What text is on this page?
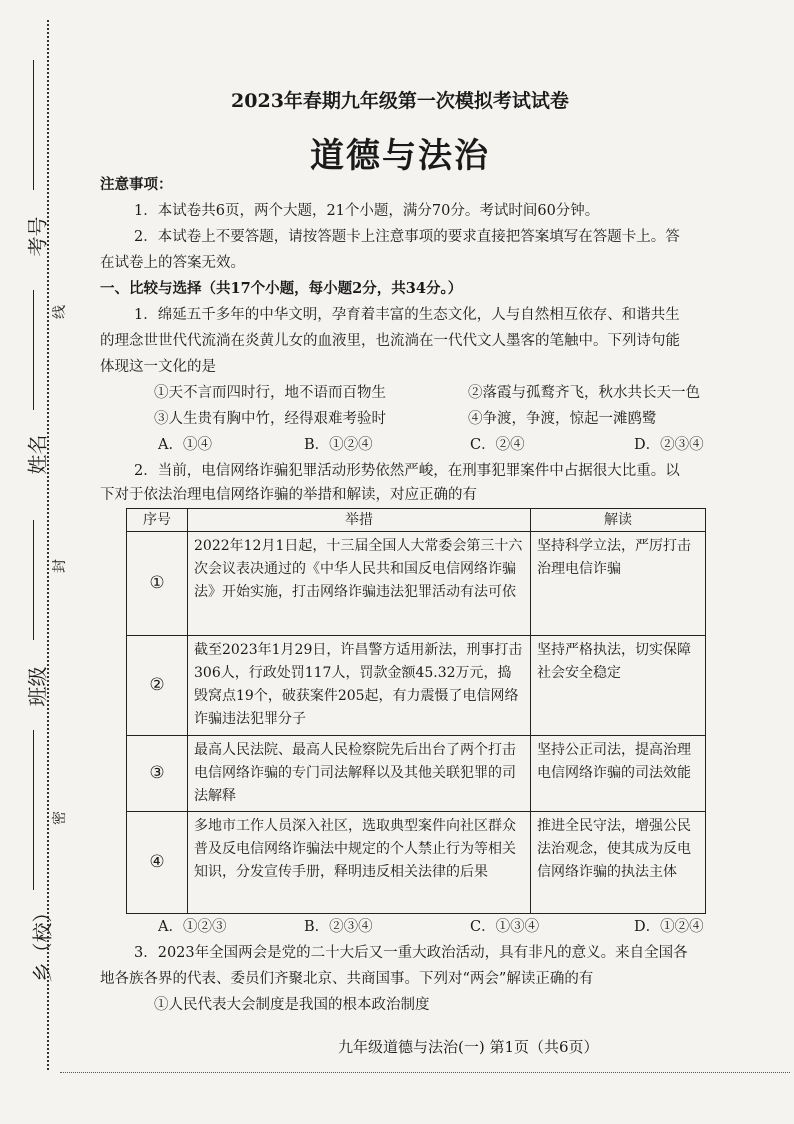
考号
姓名
班级
乡（校）
线
封
密
2023年春期九年级第一次模拟考试试卷
道德与法治
注意事项：
1．本试卷共6页，两个大题，21个小题，满分70分。考试时间60分钟。
2．本试卷上不要答题，请按答题卡上注意事项的要求直接把答案填写在答题卡上。答
在试卷上的答案无效。
一、比较与选择（共17个小题，每小题2分，共34分。）
1．绵延五千多年的中华文明，孕育着丰富的生态文化，人与自然相互依存、和谐共生
的理念世世代代流淌在炎黄儿女的血液里，也流淌在一代代文人墨客的笔触中。下列诗句能
体现这一文化的是
①天不言而四时行，地不语而百物生	②落霞与孤鹜齐飞，秋水共长天一色
③人生贵有胸中竹，经得艰难考验时	④争渡，争渡，惊起一滩鸥鹭
A．①④	B．①②④	C．②④	D．②③④
2．当前，电信网络诈骗犯罪活动形势依然严峻，在刑事犯罪案件中占据很大比重。以
下对于依法治理电信网络诈骗的举措和解读，对应正确的有
序号	举措	解读
①	2022年12月1日起，十三届全国人大常委会第三十六次会议表决通过的《中华人民共和国反电信网络诈骗法》开始实施，打击网络诈骗违法犯罪活动有法可依	坚持科学立法，严厉打击治理电信诈骗
②	截至2023年1月29日，许昌警方适用新法，刑事打击306人，行政处罚117人，罚款金额45.32万元，捣毁窝点19个，破获案件205起，有力震慑了电信网络诈骗违法犯罪分子	坚持严格执法，切实保障社会安全稳定
③	最高人民法院、最高人民检察院先后出台了两个打击电信网络诈骗的专门司法解释以及其他关联犯罪的司法解释	坚持公正司法，提高治理电信网络诈骗的司法效能
④	多地市工作人员深入社区，选取典型案件向社区群众普及反电信网络诈骗法中规定的个人禁止行为等相关知识，分发宣传手册，释明违反相关法律的后果	推进全民守法，增强公民法治观念，使其成为反电信网络诈骗的执法主体
A．①②③	B．②③④	C．①③④	D．①②④
3．2023年全国两会是党的二十大后又一重大政治活动，具有非凡的意义。来自全国各
地各族各界的代表、委员们齐聚北京、共商国事。下列对“两会”解读正确的有
①人民代表大会制度是我国的根本政治制度
九年级道德与法治(一) 第1页（共6页）
